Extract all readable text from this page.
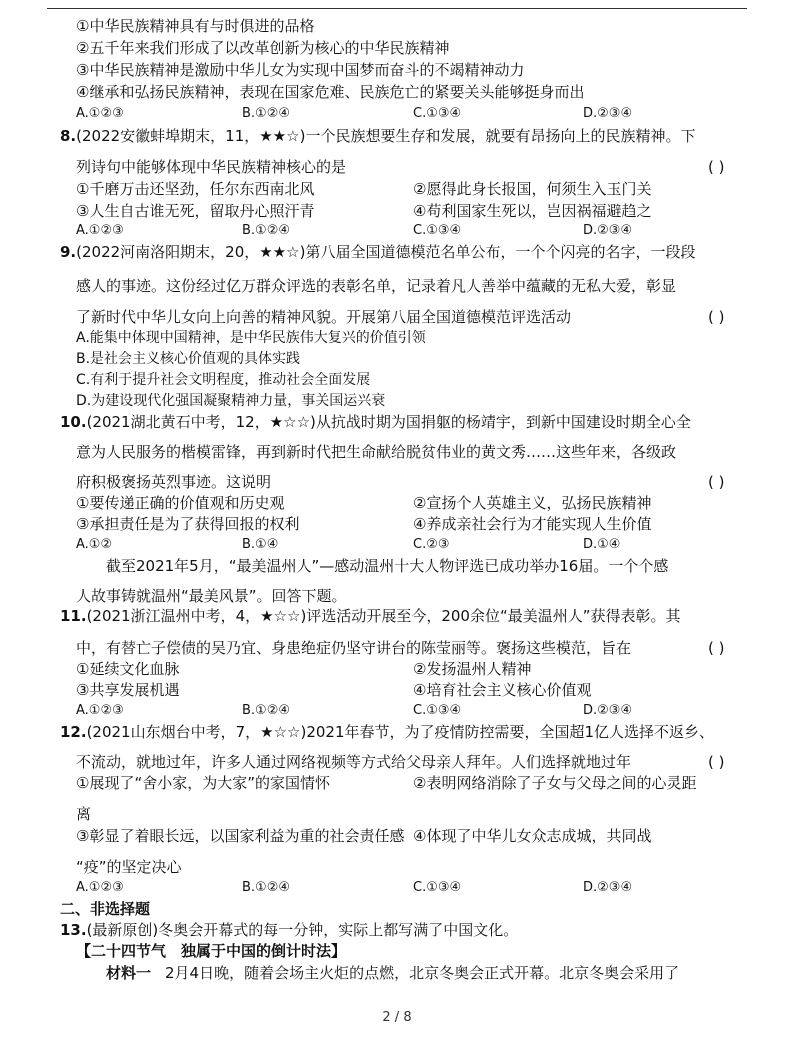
①中华民族精神具有与时俱进的品格
②五千年来我们形成了以改革创新为核心的中华民族精神
③中华民族精神是激励中华儿女为实现中国梦而奋斗的不竭精神动力
④继承和弘扬民族精神，表现在国家危难、民族危亡的紧要关头能够挺身而出
A.①②③	B.①②④	C.①③④	D.②③④
8.(2022安徽蚌埠期末，11，★★☆)一个民族想要生存和发展，就要有昂扬向上的民族精神。下
列诗句中能够体现中华民族精神核心的是	( )
①千磨万击还坚劲，任尔东西南北风	②愿得此身长报国，何须生入玉门关
③人生自古谁无死，留取丹心照汗青	④苟利国家生死以，岂因祸福避趋之
A.①②③	B.①②④	C.①③④	D.②③④
9.(2022河南洛阳期末，20，★★☆)第八届全国道德模范名单公布，一个个闪亮的名字，一段段
感人的事迹。这份经过亿万群众评选的表彰名单，记录着凡人善举中蕴藏的无私大爱，彰显
了新时代中华儿女向上向善的精神风貌。开展第八届全国道德模范评选活动	( )
A.能集中体现中国精神，是中华民族伟大复兴的价值引领
B.是社会主义核心价值观的具体实践
C.有利于提升社会文明程度，推动社会全面发展
D.为建设现代化强国凝聚精神力量，事关国运兴衰
10.(2021湖北黄石中考，12，★☆☆)从抗战时期为国捐躯的杨靖宇，到新中国建设时期全心全
意为人民服务的楷模雷锋，再到新时代把生命献给脱贫伟业的黄文秀……这些年来，各级政
府积极褒扬英烈事迹。这说明	( )
①要传递正确的价值观和历史观	②宣扬个人英雄主义，弘扬民族精神
③承担责任是为了获得回报的权利	④养成亲社会行为才能实现人生价值
A.①②	B.①④	C.②③	D.①④
截至2021年5月，“最美温州人”—感动温州十大人物评选已成功举办16届。一个个感
人故事铸就温州“最美风景”。回答下题。
11.(2021浙江温州中考，4，★☆☆)评选活动开展至今，200余位“最美温州人”获得表彰。其
中，有替亡子偿债的吴乃宜、身患绝症仍坚守讲台的陈莹丽等。褒扬这些模范，旨在	( )
①延续文化血脉	②发扬温州人精神
③共享发展机遇	④培育社会主义核心价值观
A.①②③	B.①②④	C.①③④	D.②③④
12.(2021山东烟台中考，7，★☆☆)2021年春节，为了疫情防控需要，全国超1亿人选择不返乡、
不流动，就地过年，许多人通过网络视频等方式给父母亲人拜年。人们选择就地过年	( )
①展现了“舍小家，为大家”的家国情怀	②表明网络消除了子女与父母之间的心灵距
离
③彰显了着眼长远，以国家利益为重的社会责任感 ④体现了中华儿女众志成城，共同战
“疫”的坚定决心
A.①②③	B.①②④	C.①③④	D.②③④
二、非选择题
13.(最新原创)冬奥会开幕式的每一分钟，实际上都写满了中国文化。
【二十四节气　独属于中国的倒计时法】
材料一 2月4日晚，随着会场主火炬的点燃，北京冬奥会正式开幕。北京冬奥会采用了
2 / 8
